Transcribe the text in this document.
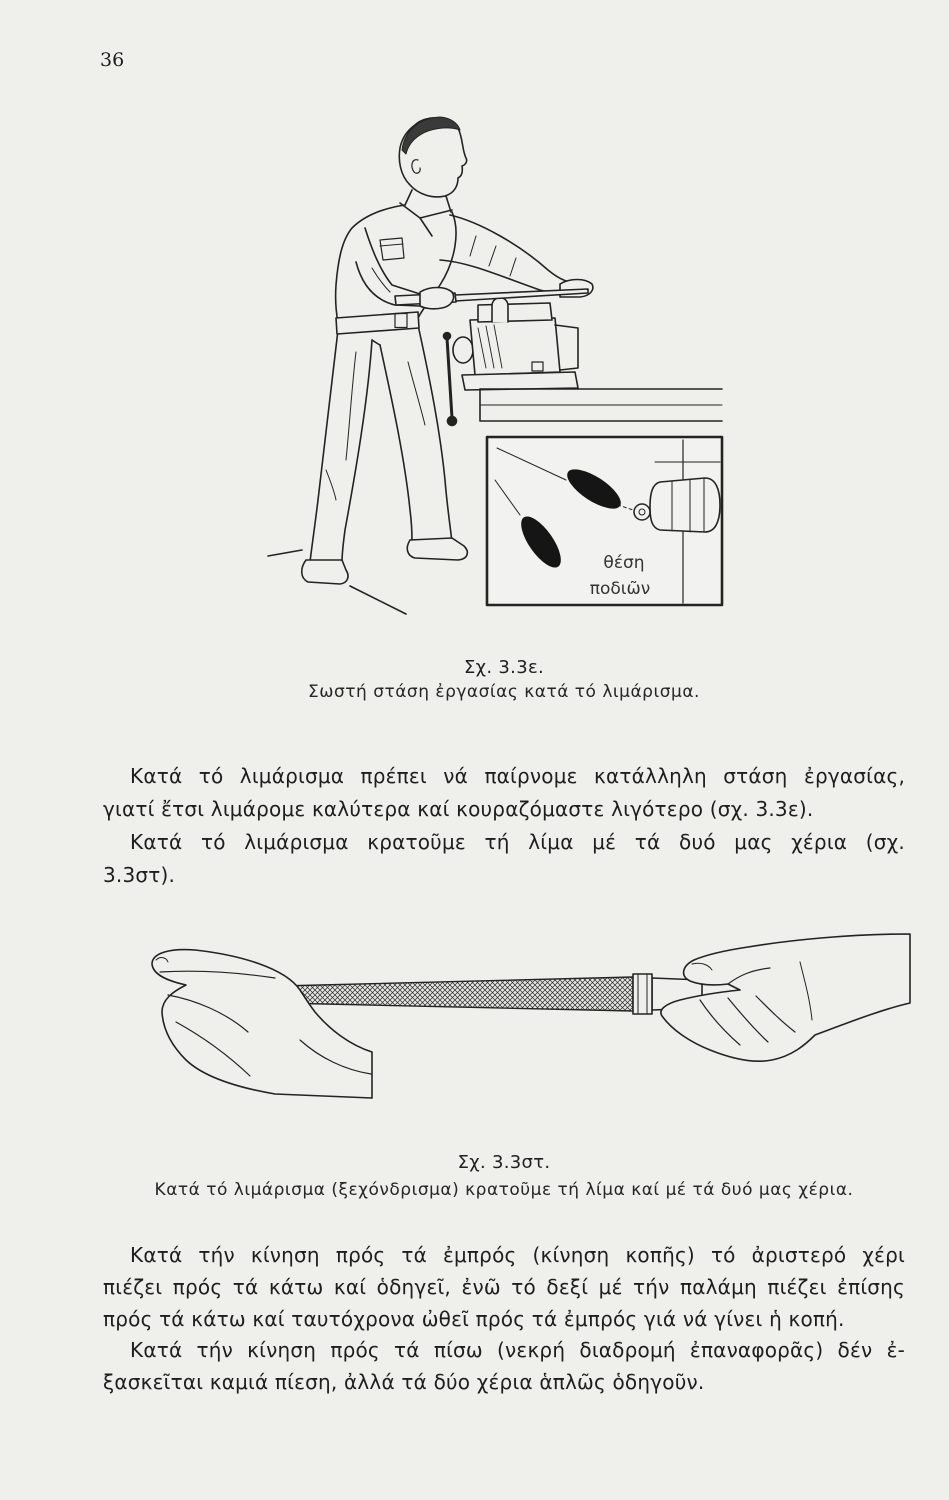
36
θέση
ποδιῶν
Σχ. 3.3ε.
Σωστή στάση ἐργασίας κατά τό λιμάρισμα.
Κατά τό λιμάρισμα πρέπει νά παίρνομε κατάλληλη στάση ἐργασίας,
γιατί ἔτσι λιμάρομε καλύτερα καί κουραζόμαστε λιγότερο (σχ. 3.3ε).
Κατά τό λιμάρισμα κρατοῦμε τή λίμα μέ τά δυό μας χέρια (σχ.
3.3στ).
Σχ. 3.3στ.
Κατά τό λιμάρισμα (ξεχόνδρισμα) κρατοῦμε τή λίμα καί μέ τά δυό μας χέρια.
Κατά τήν κίνηση πρός τά ἐμπρός (κίνηση κοπῆς) τό ἀριστερό χέρι
πιέζει πρός τά κάτω καί ὁδηγεῖ, ἐνῶ τό δεξί μέ τήν παλάμη πιέζει ἐπίσης
πρός τά κάτω καί ταυτόχρονα ὠθεῖ πρός τά ἐμπρός γιά νά γίνει ἡ κοπή.
Κατά τήν κίνηση πρός τά πίσω (νεκρή διαδρομή ἐπαναφορᾶς) δέν ἐ-
ξασκεῖται καμιά πίεση, ἀλλά τά δύο χέρια ἁπλῶς ὁδηγοῦν.
